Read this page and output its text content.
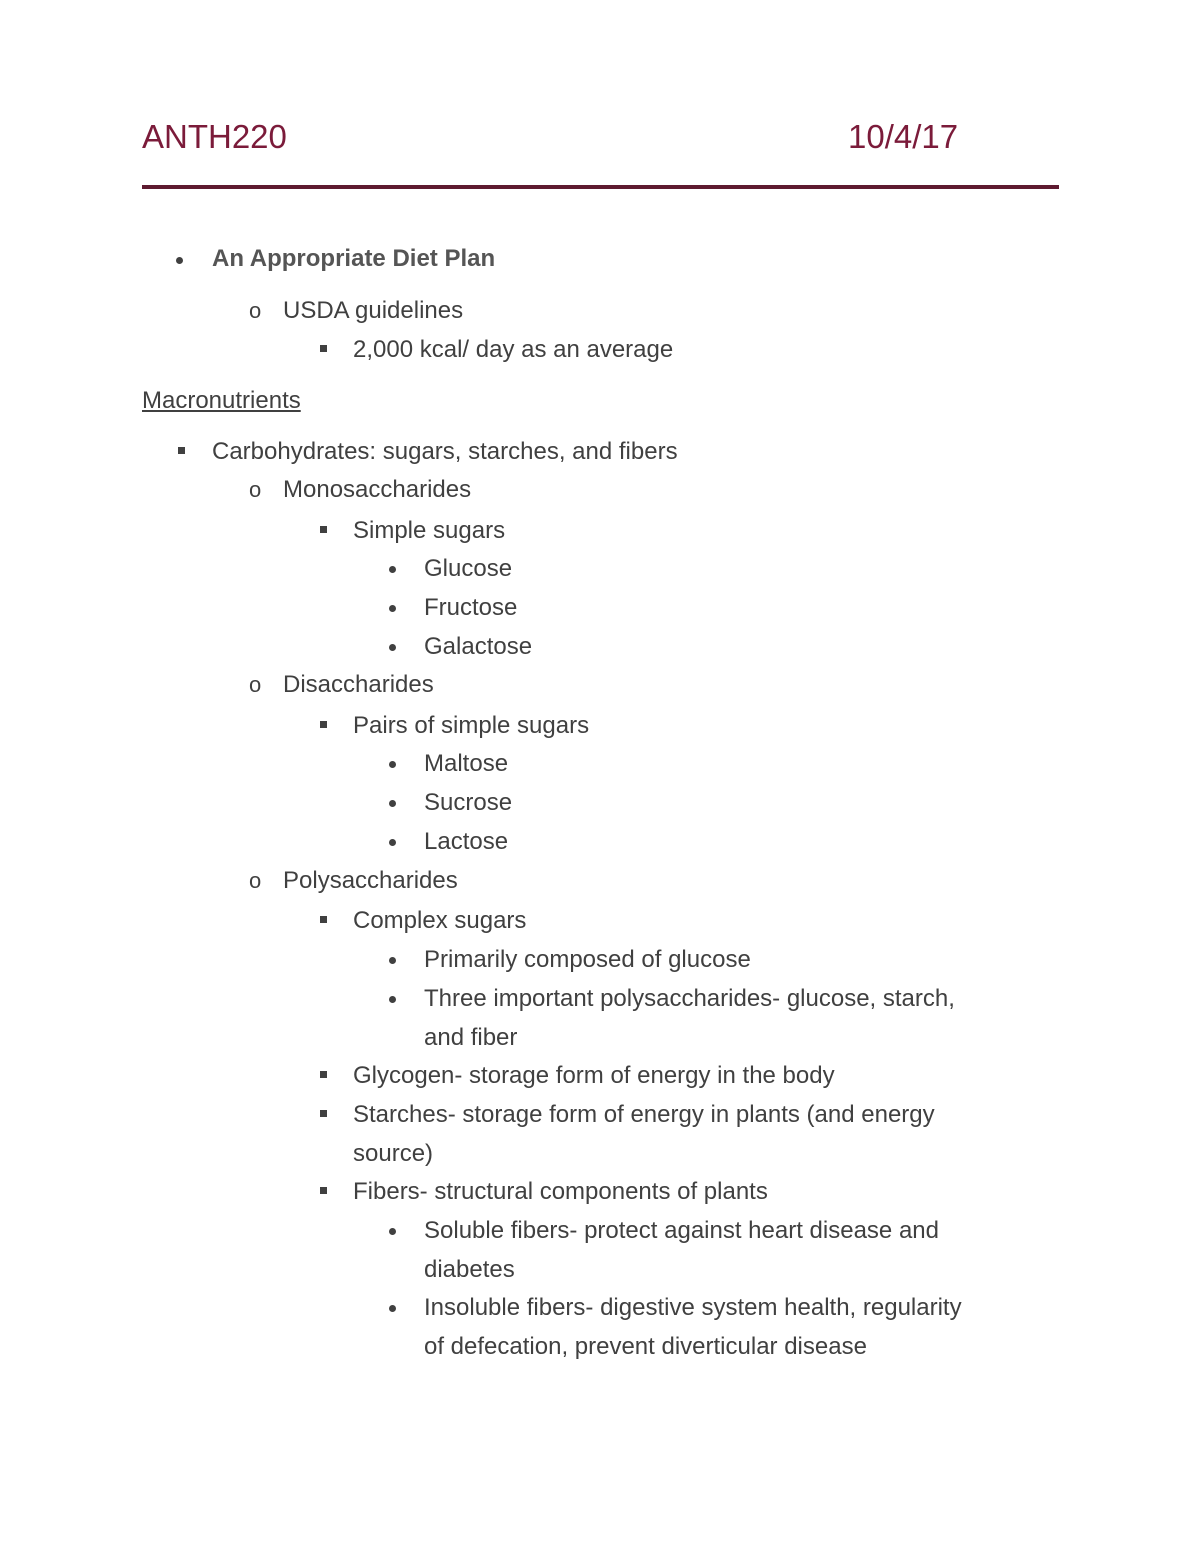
ANTH220	10/4/17
An Appropriate Diet Plan
o USDA guidelines
2,000 kcal/ day as an average
Macronutrients
Carbohydrates: sugars, starches, and fibers
o Monosaccharides
Simple sugars
Glucose
Fructose
Galactose
o Disaccharides
Pairs of simple sugars
Maltose
Sucrose
Lactose
o Polysaccharides
Complex sugars
Primarily composed of glucose
Three important polysaccharides- glucose, starch,
and fiber
Glycogen- storage form of energy in the body
Starches- storage form of energy in plants (and energy
source)
Fibers- structural components of plants
Soluble fibers- protect against heart disease and
diabetes
Insoluble fibers- digestive system health, regularity
of defecation, prevent diverticular disease
